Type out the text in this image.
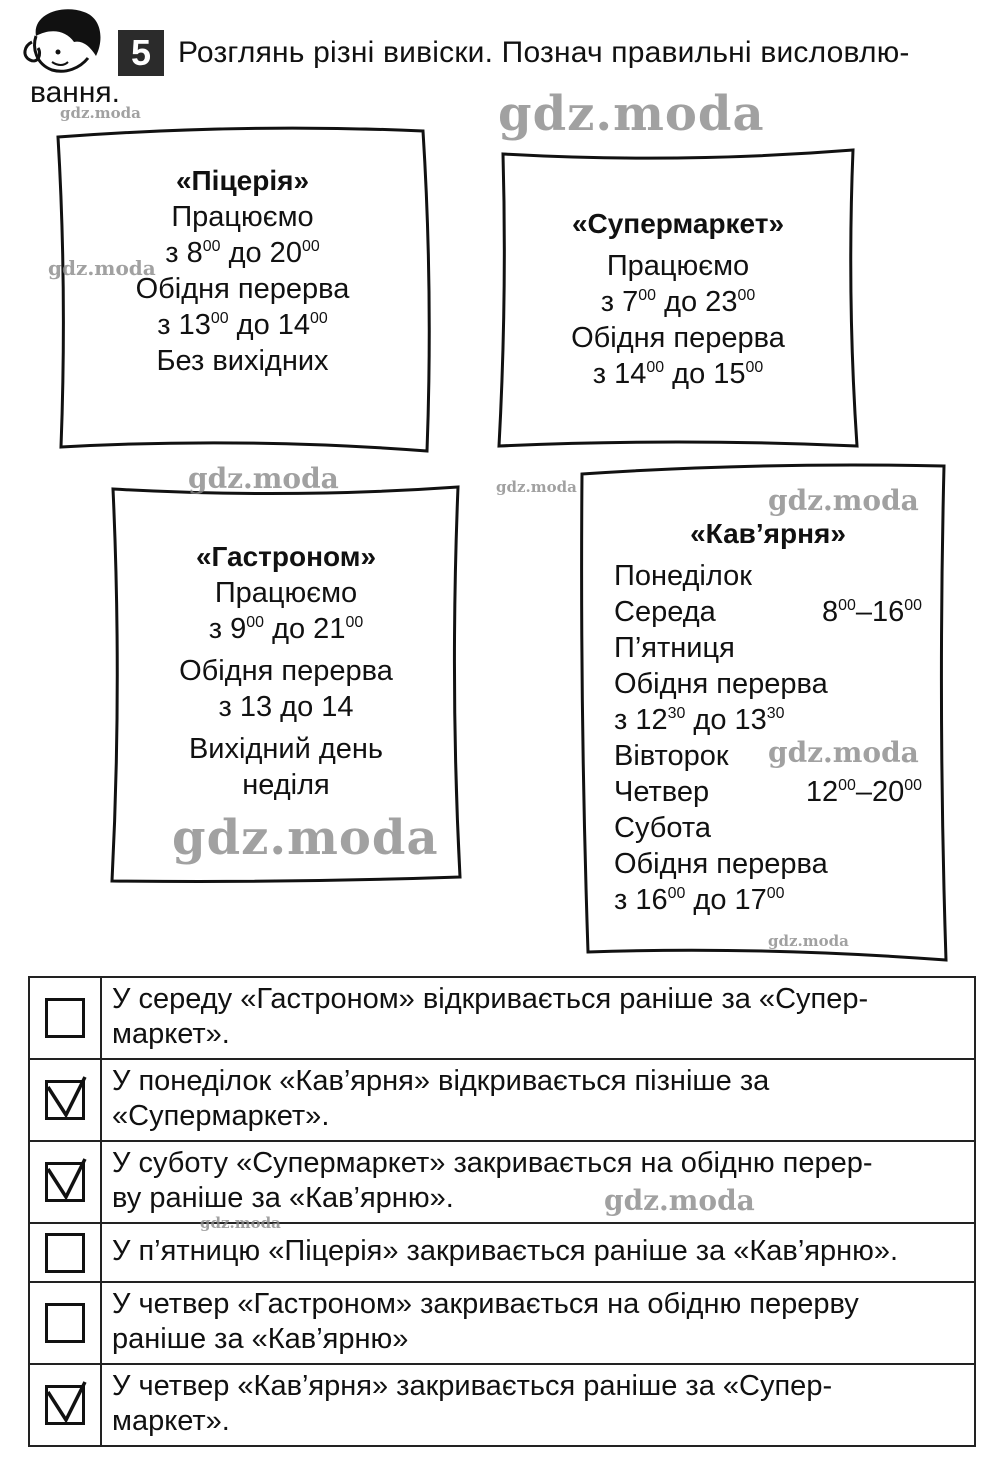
5 Розглянь різні вивіски. Познач правильні висловлю-
вання.
«Піцерія»
Працюємо
з $8^{00}$ до $20^{00}$
Обідня перерва
з $13^{00}$ до $14^{00}$
Без вихідних
«Супермаркет»
Працюємо
з $7^{00}$ до $23^{00}$
Обідня перерва
з $14^{00}$ до $15^{00}$
«Гастроном»
Працюємо
з $9^{00}$ до $21^{00}$
Обідня перерва
з 13 до 14
Вихідний день
неділя
«Кав’ярня»
Понеділок
Середа	$8^{00}-16^{00}$
П’ятниця
Обідня перерва
з $12^{30}$ до $13^{30}$
Вівторок
Четвер	$12^{00}-20^{00}$
Субота
Обідня перерва
з $16^{00}$ до $17^{00}$

	У середу «Гастроном» відкривається раніше за «Супер-
маркет».

У понеділок «Кав’ярня» відкривається пізніше за
«Супермаркет».

У суботу «Супермаркет» закривається на обідню перер-
ву раніше за «Кав’ярню».

	У п’ятницю «Піцерія» закривається раніше за «Кав’ярню».

	У четвер «Гастроном» закривається на обідню перерву
раніше за «Кав’ярню»

У четвер «Кав’ярня» закривається раніше за «Супер-
маркет».
gdz.moda	gdz.moda
gdz.moda
gdz.moda	gdz.moda	gdz.moda
gdz.moda
gdz.moda
gdz.moda
gdz.moda
gdz.moda
